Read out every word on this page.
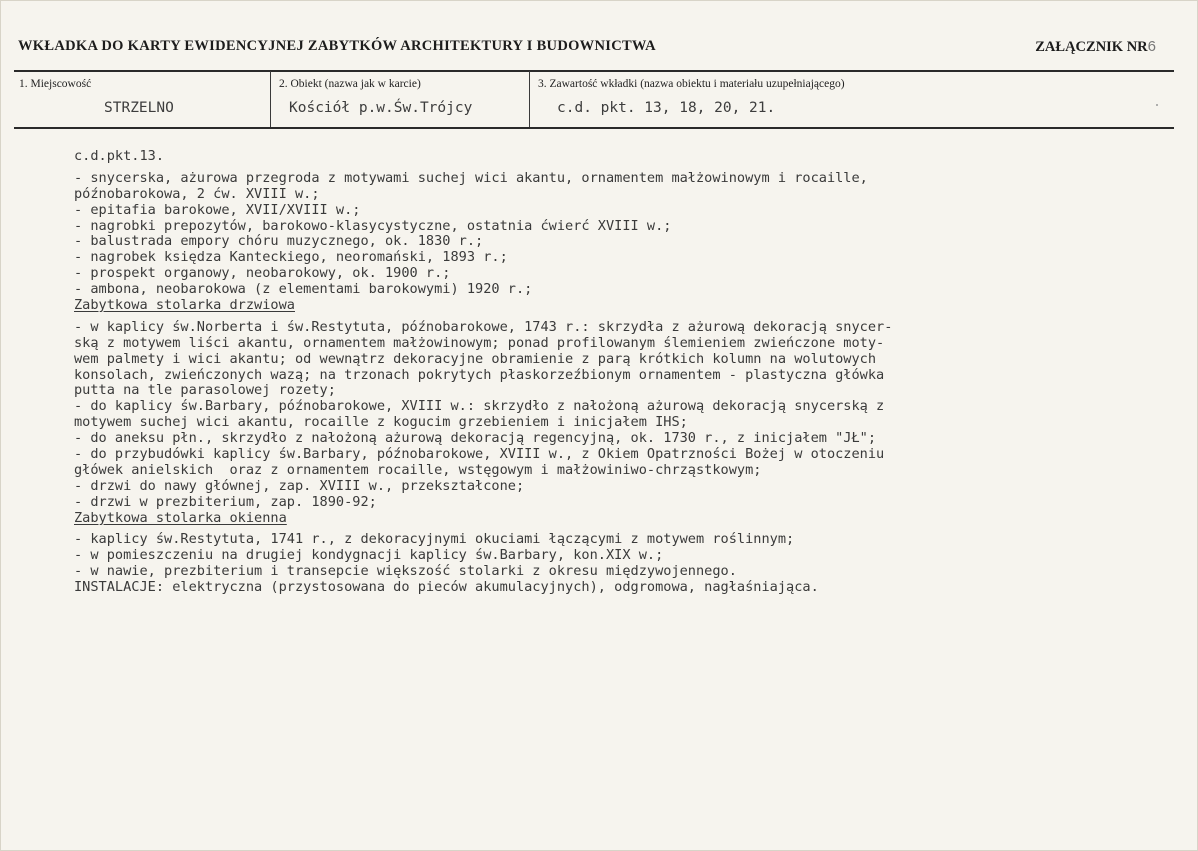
WKŁADKA DO KARTY EWIDENCYJNEJ ZABYTKÓW ARCHITEKTURY I BUDOWNICTWA	ZAŁĄCZNIK NR6
1. Miejscowość
STRZELNO
2. Obiekt (nazwa jak w karcie)
Kościół p.w.Św.Trójcy
3. Zawartość wkładki (nazwa obiektu i materiału uzupełniającego)
c.d. pkt. 13, 18, 20, 21.
c.d.pkt.13.
- snycerska, ażurowa przegroda z motywami suchej wici akantu, ornamentem małżowinowym i rocaille,
późnobarokowa, 2 ćw. XVIII w.;
- epitafia barokowe, XVII/XVIII w.;
- nagrobki prepozytów, barokowo-klasycystyczne, ostatnia ćwierć XVIII w.;
- balustrada empory chóru muzycznego, ok. 1830 r.;
- nagrobek księdza Kanteckiego, neoromański, 1893 r.;
- prospekt organowy, neobarokowy, ok. 1900 r.;
- ambona, neobarokowa (z elementami barokowymi) 1920 r.;
Zabytkowa stolarka drzwiowa
- w kaplicy św.Norberta i św.Restytuta, późnobarokowe, 1743 r.: skrzydła z ażurową dekoracją snycer-
ską z motywem liści akantu, ornamentem małżowinowym; ponad profilowanym ślemieniem zwieńczone moty-
wem palmety i wici akantu; od wewnątrz dekoracyjne obramienie z parą krótkich kolumn na wolutowych
konsolach, zwieńczonych wazą; na trzonach pokrytych płaskorzeźbionym ornamentem - plastyczna główka
putta na tle parasolowej rozety;
- do kaplicy św.Barbary, późnobarokowe, XVIII w.: skrzydło z nałożoną ażurową dekoracją snycerską z
motywem suchej wici akantu, rocaille z kogucim grzebieniem i inicjałem IHS;
- do aneksu płn., skrzydło z nałożoną ażurową dekoracją regencyjną, ok. 1730 r., z inicjałem "JŁ";
- do przybudówki kaplicy św.Barbary, późnobarokowe, XVIII w., z Okiem Opatrzności Bożej w otoczeniu
główek anielskich  oraz z ornamentem rocaille, wstęgowym i małżowiniwo-chrząstkowym;
- drzwi do nawy głównej, zap. XVIII w., przekształcone;
- drzwi w prezbiterium, zap. 1890-92;
Zabytkowa stolarka okienna
- kaplicy św.Restytuta, 1741 r., z dekoracyjnymi okuciami łączącymi z motywem roślinnym;
- w pomieszczeniu na drugiej kondygnacji kaplicy św.Barbary, kon.XIX w.;
- w nawie, prezbiterium i transepcie większość stolarki z okresu międzywojennego.
INSTALACJE: elektryczna (przystosowana do pieców akumulacyjnych), odgromowa, nagłaśniająca.
